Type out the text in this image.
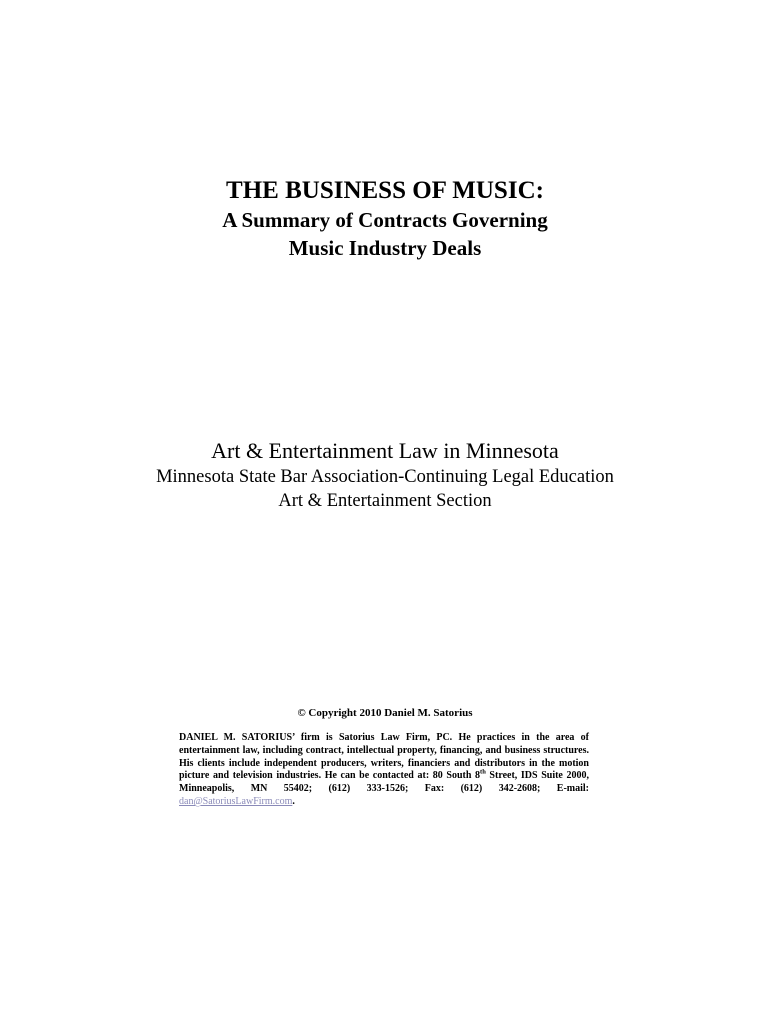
THE BUSINESS OF MUSIC:

A Summary of Contracts Governing

Music Industry Deals

Art & Entertainment Law in Minnesota

Minnesota State Bar Association-Continuing Legal Education

Art & Entertainment Section

© Copyright 2010 Daniel M. Satorius
DANIEL M. SATORIUS’ firm is Satorius Law Firm, PC. He practices in the area of entertainment law, including contract, intellectual property, financing, and business structures. His clients include independent producers, writers, financiers and distributors in the motion picture and television industries. He can be contacted at: 80 South 8th Street, IDS Suite 2000, Minneapolis, MN 55402; (612) 333-1526; Fax: (612) 342-2608; E-mail: dan@SatoriusLawFirm.com.
